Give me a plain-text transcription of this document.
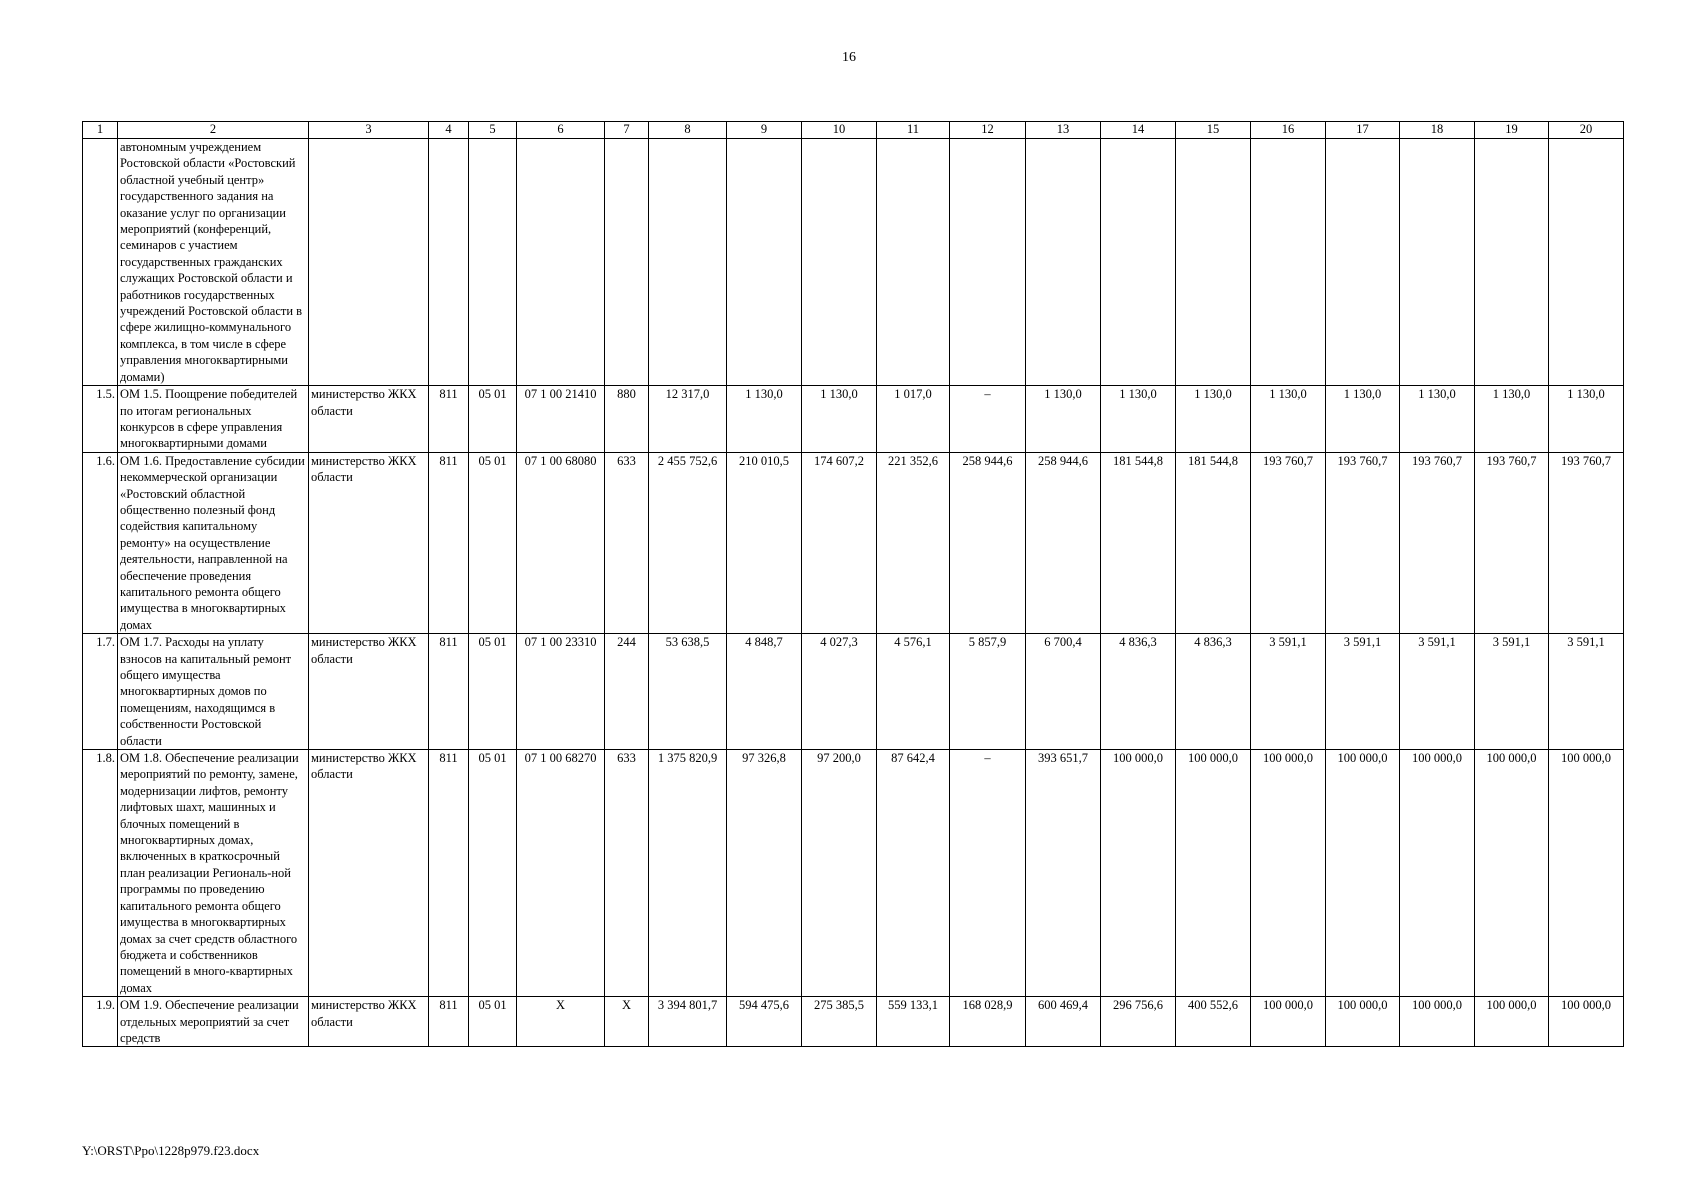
16
1	2	3	4	5	6	7	8	9	10	11	12	13	14	15	16	17	18	19	20
	автономным учреждением Ростовской области «Ростовский областной учебный центр» государственного задания на оказание услуг по организации мероприятий (конференций, семинаров с участием государственных гражданских служащих Ростовской области и работников государственных учреждений Ростовской области в сфере жилищно-коммунального комплекса, в том числе в сфере управления многоквартирными домами)																		
1.5.	ОМ 1.5. Поощрение победителей по итогам региональных конкурсов в сфере управления многоквартирными домами	министерство ЖКХ области	811	05 01	07 1 00 21410	880	12 317,0	1 130,0	1 130,0	1 017,0	–	1 130,0	1 130,0	1 130,0	1 130,0	1 130,0	1 130,0	1 130,0	1 130,0
1.6.	ОМ 1.6. Предоставление субсидии некоммерческой организации «Ростовский областной общественно полезный фонд содействия капитальному ремонту» на осуществление деятельности, направленной на обеспечение проведения капитального ремонта общего имущества в многоквартирных домах	министерство ЖКХ области	811	05 01	07 1 00 68080	633	2 455 752,6	210 010,5	174 607,2	221 352,6	258 944,6	258 944,6	181 544,8	181 544,8	193 760,7	193 760,7	193 760,7	193 760,7	193 760,7
1.7.	ОМ 1.7. Расходы на уплату взносов на капитальный ремонт общего имущества многоквартирных домов по помещениям, находящимся в собственности Ростовской области	министерство ЖКХ области	811	05 01	07 1 00 23310	244	53 638,5	4 848,7	4 027,3	4 576,1	5 857,9	6 700,4	4 836,3	4 836,3	3 591,1	3 591,1	3 591,1	3 591,1	3 591,1
1.8.	ОМ 1.8. Обеспечение реализации мероприятий по ремонту, замене, модернизации лифтов, ремонту лифтовых шахт, машинных и блочных помещений в многоквартирных домах, включенных в краткосрочный план реализации Региональ-ной программы по проведению капитального ремонта общего имущества в многоквартирных домах за счет средств областного бюджета и собственников помещений в много-квартирных домах	министерство ЖКХ области	811	05 01	07 1 00 68270	633	1 375 820,9	97 326,8	97 200,0	87 642,4	–	393 651,7	100 000,0	100 000,0	100 000,0	100 000,0	100 000,0	100 000,0	100 000,0
1.9.	ОМ 1.9. Обеспечение реализации отдельных мероприятий за счет средств	министерство ЖКХ области	811	05 01	Х	Х	3 394 801,7	594 475,6	275 385,5	559 133,1	168 028,9	600 469,4	296 756,6	400 552,6	100 000,0	100 000,0	100 000,0	100 000,0	100 000,0
Y:\ORST\Ppo\1228p979.f23.docx
